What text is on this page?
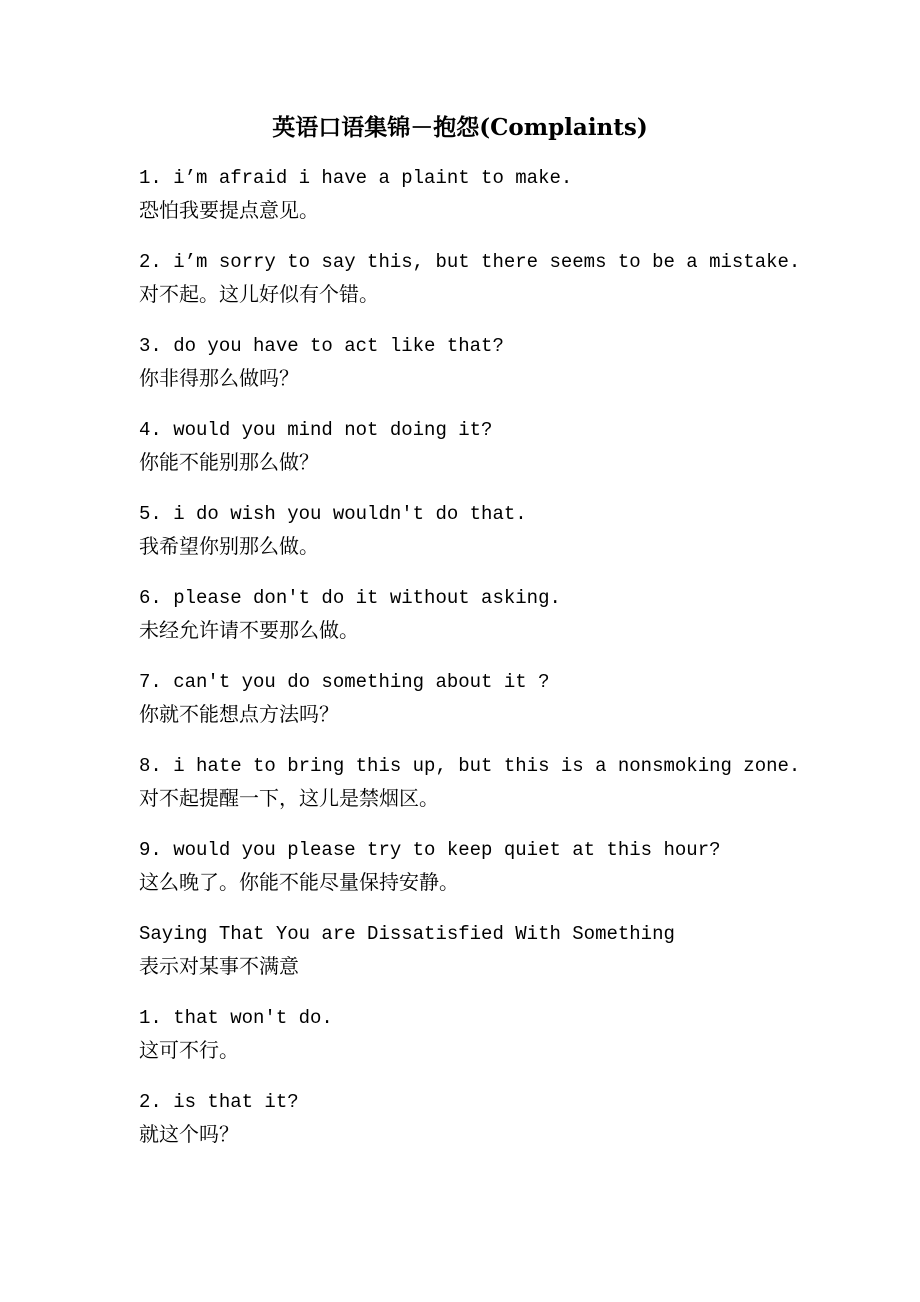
英语口语集锦－抱怨(Complaints)
1. i’m afraid i have a plaint to make.
恐怕我要提点意见。
2. i’m sorry to say this, but there seems to be a mistake.
对不起。这儿好似有个错。
3. do you have to act like that?
你非得那么做吗？
4. would you mind not doing it?
你能不能别那么做？
5. i do wish you wouldn't do that.
我希望你别那么做。
6. please don't do it without asking.
未经允许请不要那么做。
7. can't you do something about it ?
你就不能想点方法吗？
8. i hate to bring this up, but this is a nonsmoking zone.
对不起提醒一下，这儿是禁烟区。
9. would you please try to keep quiet at this hour?
这么晚了。你能不能尽量保持安静。
Saying That You are Dissatisfied With Something
表示对某事不满意
1. that won't do.
这可不行。
2. is that it?
就这个吗？
